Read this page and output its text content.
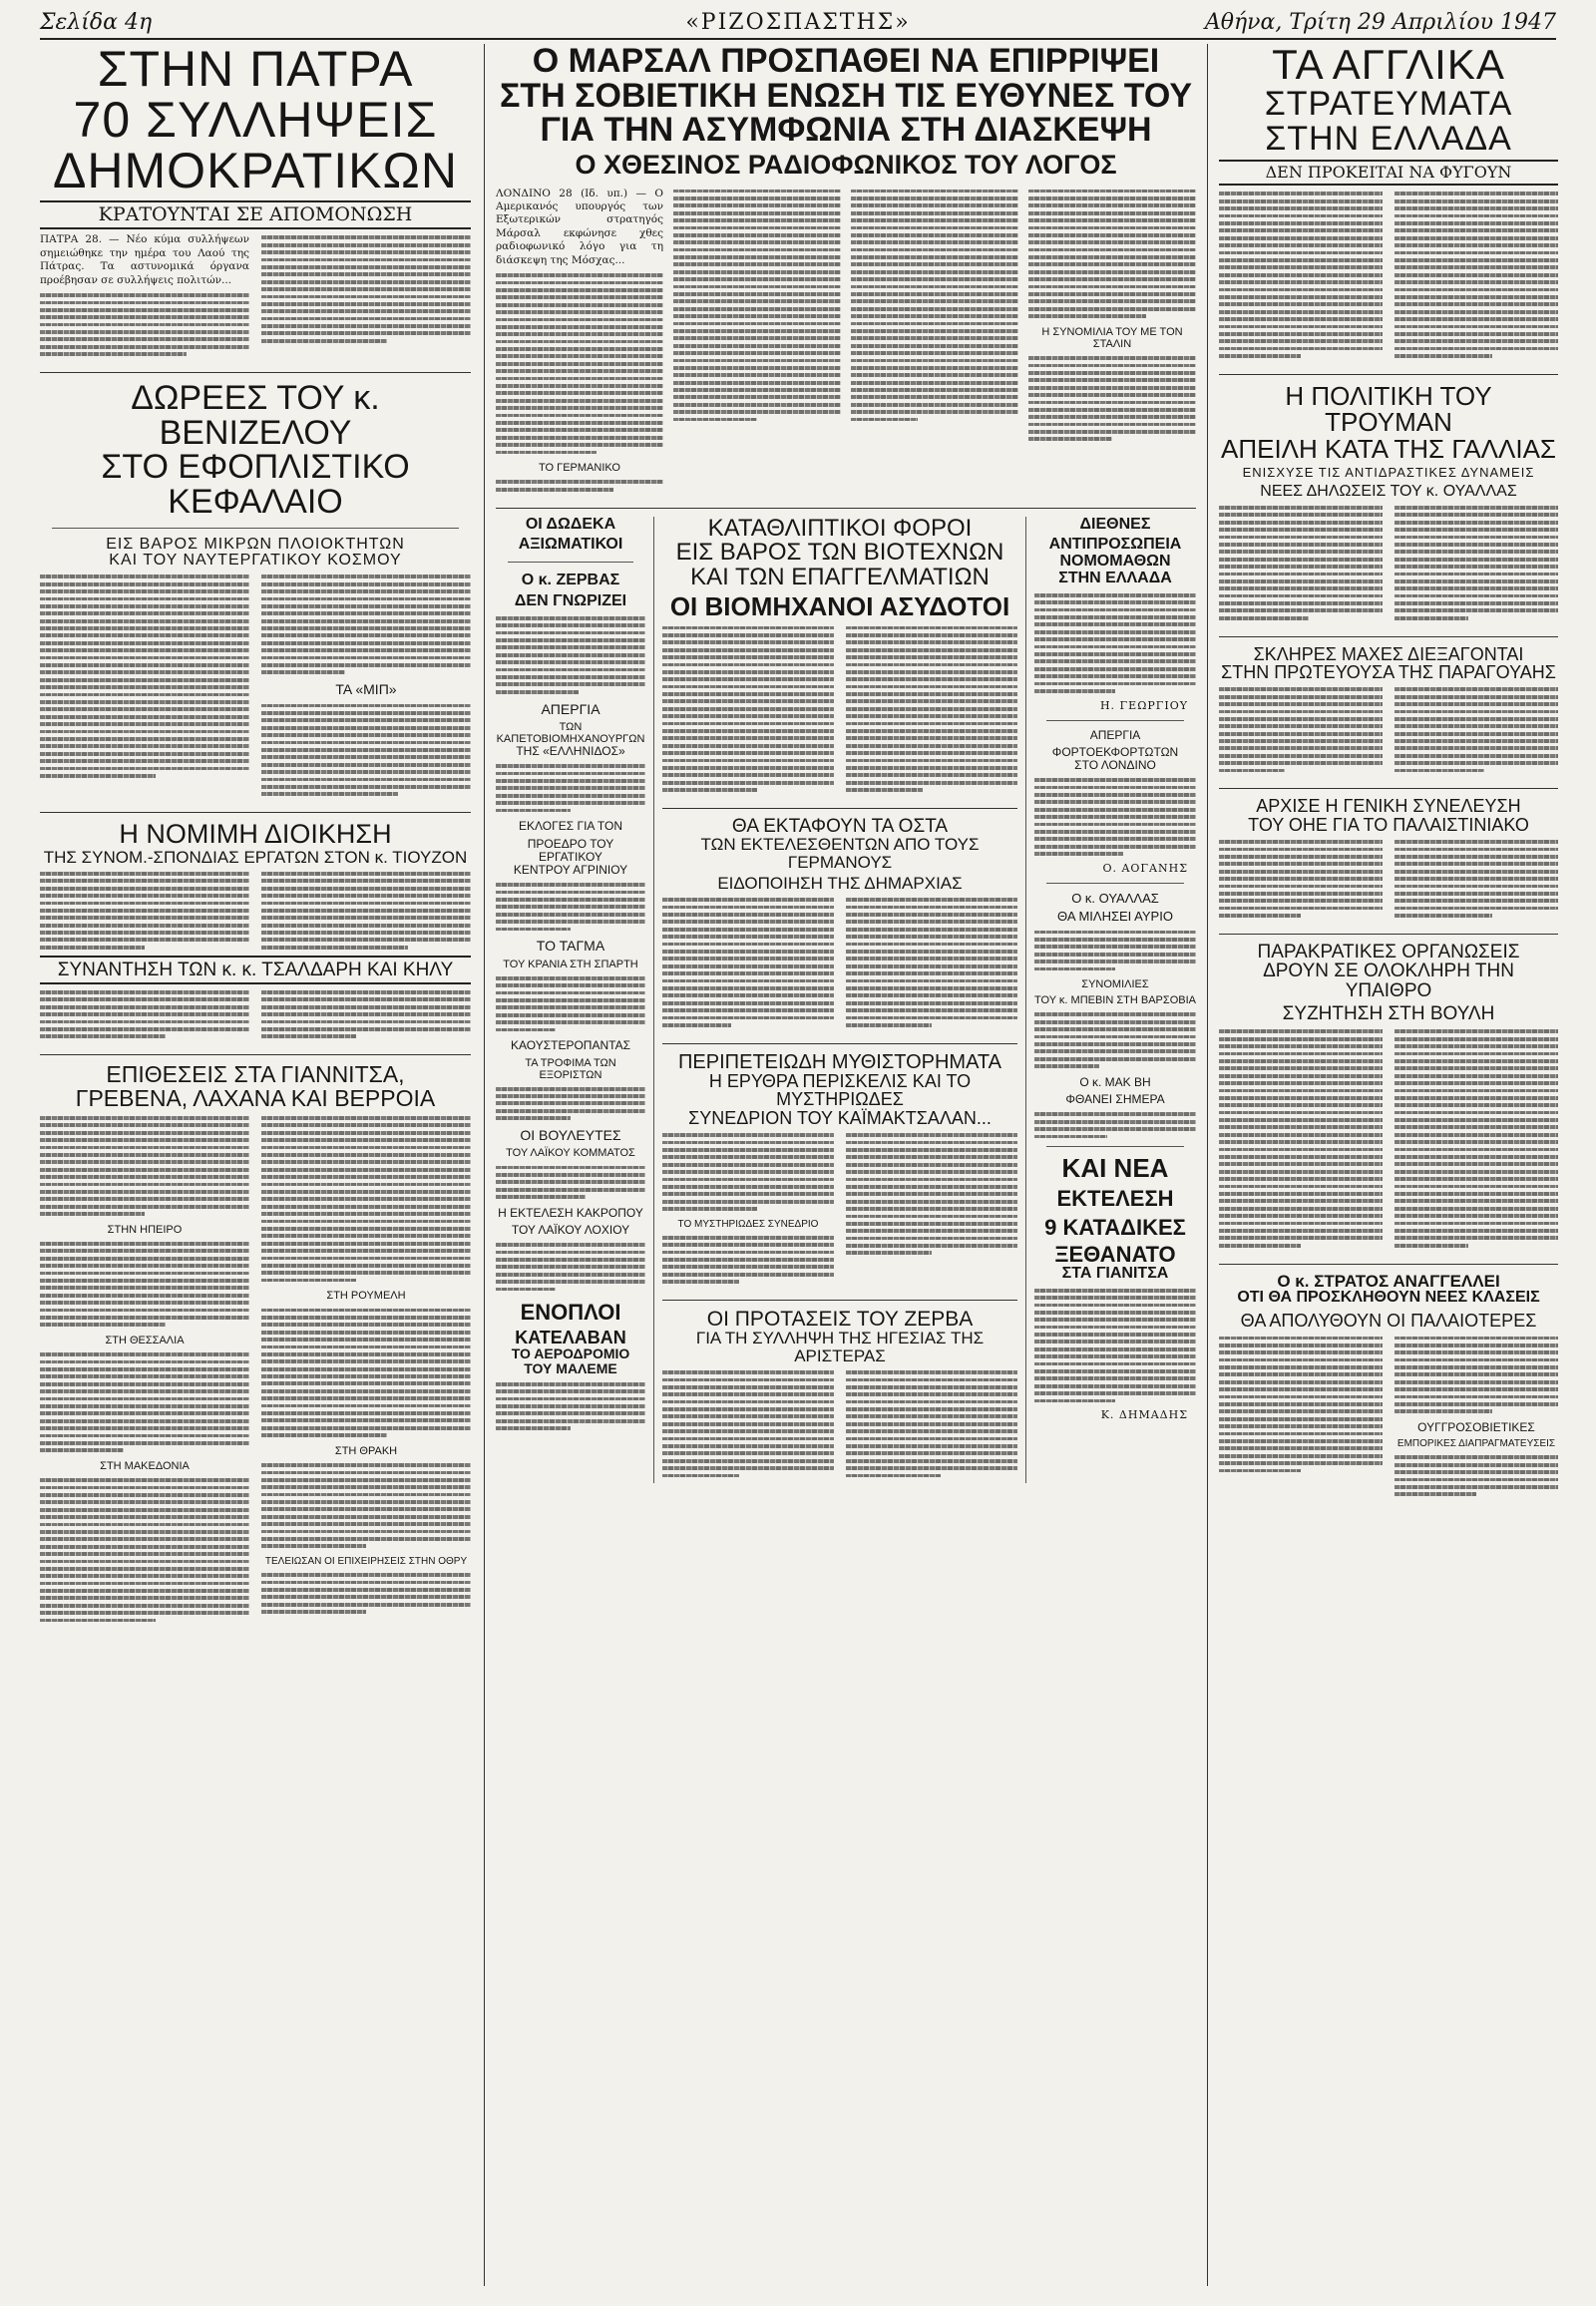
Σελίδα 4η	«ΡΙΖΟΣΠΑΣΤΗΣ»	Αθήνα, Τρίτη 29 Απριλίου 1947
ΣΤΗΝ ΠΑΤΡΑ
70 ΣΥΛΛΗΨΕΙΣ
ΔΗΜΟΚΡΑΤΙΚΩΝ
ΚΡΑΤΟΥΝΤΑΙ ΣΕ ΑΠΟΜΟΝΩΣΗ

ΠΑΤΡΑ 28. — Νέο κύμα συλλήψεων σημειώθηκε την ημέρα του Λαού της Πάτρας. Τα αστυνομικά όργανα προέβησαν σε συλλήψεις πολιτών...

ΔΩΡΕΕΣ ΤΟΥ κ. ΒΕΝΙΖΕΛΟΥ
ΣΤΟ ΕΦΟΠΛΙΣΤΙΚΟ ΚΕΦΑΛΑΙΟ
ΕΙΣ ΒΑΡΟΣ ΜΙΚΡΩΝ ΠΛΟΙΟΚΤΗΤΩΝ
ΚΑΙ ΤΟΥ ΝΑΥΤΕΡΓΑΤΙΚΟΥ ΚΟΣΜΟΥ
ΤΑ «ΜΙΠ»
Η ΝΟΜΙΜΗ ΔΙΟΙΚΗΣΗ
ΤΗΣ ΣΥΝΟΜ.-ΣΠΟΝΔΙΑΣ ΕΡΓΑΤΩΝ ΣΤΟΝ κ. ΤΙΟΥΖΟΝ
ΣΥΝΑΝΤΗΣΗ ΤΩΝ κ. κ. ΤΣΑΛΔΑΡΗ ΚΑΙ ΚΗΛΥ
ΕΠΙΘΕΣΕΙΣ ΣΤΑ ΓΙΑΝΝΙΤΣΑ,
ΓΡΕΒΕΝΑ, ΛΑΧΑΝΑ ΚΑΙ ΒΕΡΡΟΙΑ
ΣΤΗΝ ΗΠΕΙΡΟ
ΣΤΗ ΘΕΣΣΑΛΙΑ
ΣΤΗ ΜΑΚΕΔΟΝΙΑ
ΣΤΗ ΡΟΥΜΕΛΗ
ΣΤΗ ΘΡΑΚΗ
ΤΕΛΕΙΩΣΑΝ ΟΙ ΕΠΙΧΕΙΡΗΣΕΙΣ ΣΤΗΝ ΟΘΡΥ
Ο ΜΑΡΣΑΛ ΠΡΟΣΠΑΘΕΙ ΝΑ ΕΠΙΡΡΙΨΕΙ
ΣΤΗ ΣΟΒΙΕΤΙΚΗ ΕΝΩΣΗ ΤΙΣ ΕΥΘΥΝΕΣ ΤΟΥ
ΓΙΑ ΤΗΝ ΑΣΥΜΦΩΝΙΑ ΣΤΗ ΔΙΑΣΚΕΨΗ
Ο ΧΘΕΣΙΝΟΣ ΡΑΔΙΟΦΩΝΙΚΟΣ ΤΟΥ ΛΟΓΟΣ

ΛΟΝΔΙΝΟ 28 (Ιδ. υπ.) — Ο Αμερικανός υπουργός των Εξωτερικών στρατηγός Μάρσαλ εκφώνησε χθες ραδιοφωνικό λόγο για τη διάσκεψη της Μόσχας...

ΤΟ ΓΕΡΜΑΝΙΚΟ
Η ΣΥΝΟΜΙΛΙΑ ΤΟΥ ΜΕ ΤΟΝ ΣΤΑΛΙΝ
ΟΙ ΔΩΔΕΚΑ
ΑΞΙΩΜΑΤΙΚΟΙ
Ο κ. ΖΕΡΒΑΣ
ΔΕΝ ΓΝΩΡΙΖΕΙ
ΑΠΕΡΓΙΑ
ΤΩΝ ΚΑΠΕΤΟΒΙΟΜΗΧΑΝΟΥΡΓΩΝ
ΤΗΣ «ΕΛΛΗΝΙΔΟΣ»
ΕΚΛΟΓΕΣ ΓΙΑ ΤΟΝ
ΠΡΟΕΔΡΟ ΤΟΥ ΕΡΓΑΤΙΚΟΥ
ΚΕΝΤΡΟΥ ΑΓΡΙΝΙΟΥ
ΤΟ ΤΑΓΜΑ
ΤΟΥ ΚΡΑΝΙΑ ΣΤΗ ΣΠΑΡΤΗ
ΚΑΟΥΣΤΕΡΟΠΑΝΤΑΣ
ΤΑ ΤΡΟΦΙΜΑ ΤΩΝ ΕΞΟΡΙΣΤΩΝ
ΟΙ ΒΟΥΛΕΥΤΕΣ
ΤΟΥ ΛΑΪΚΟΥ ΚΟΜΜΑΤΟΣ
Η ΕΚΤΕΛΕΣΗ ΚΑΚΡΟΠΟΥ
ΤΟΥ ΛΑΪΚΟΥ ΛΟΧΙΟΥ
ΕΝΟΠΛΟΙ
ΚΑΤΕΛΑΒΑΝ
ΤΟ ΑΕΡΟΔΡΟΜΙΟ
ΤΟΥ ΜΑΛΕΜΕ
ΚΑΤΑΘΛΙΠΤΙΚΟΙ ΦΟΡΟΙ
ΕΙΣ ΒΑΡΟΣ ΤΩΝ ΒΙΟΤΕΧΝΩΝ
ΚΑΙ ΤΩΝ ΕΠΑΓΓΕΛΜΑΤΙΩΝ
ΟΙ ΒΙΟΜΗΧΑΝΟΙ ΑΣΥΔΟΤΟΙ
ΘΑ ΕΚΤΑΦΟΥΝ ΤΑ ΟΣΤΑ
ΤΩΝ ΕΚΤΕΛΕΣΘΕΝΤΩΝ ΑΠΟ ΤΟΥΣ ΓΕΡΜΑΝΟΥΣ
ΕΙΔΟΠΟΙΗΣΗ ΤΗΣ ΔΗΜΑΡΧΙΑΣ
ΠΕΡΙΠΕΤΕΙΩΔΗ ΜΥΘΙΣΤΟΡΗΜΑΤΑ
Η ΕΡΥΘΡΑ ΠΕΡΙΣΚΕΛΙΣ ΚΑΙ ΤΟ ΜΥΣΤΗΡΙΩΔΕΣ
ΣΥΝΕΔΡΙΟΝ ΤΟΥ ΚΑΪΜΑΚΤΣΑΛΑΝ...
ΤΟ ΜΥΣΤΗΡΙΩΔΕΣ ΣΥΝΕΔΡΙΟ
ΟΙ ΠΡΟΤΑΣΕΙΣ ΤΟΥ ΖΕΡΒΑ
ΓΙΑ ΤΗ ΣΥΛΛΗΨΗ ΤΗΣ ΗΓΕΣΙΑΣ ΤΗΣ ΑΡΙΣΤΕΡΑΣ
ΔΙΕΘΝΕΣ
ΑΝΤΙΠΡΟΣΩΠΕΙΑ
ΝΟΜΟΜΑΘΩΝ
ΣΤΗΝ ΕΛΛΑΔΑ
Η. ΓΕΩΡΓΙΟΥ
ΑΠΕΡΓΙΑ
ΦΟΡΤΟΕΚΦΟΡΤΩΤΩΝ
ΣΤΟ ΛΟΝΔΙΝΟ
Ο. ΑΟΓΑΝΗΣ
Ο κ. ΟΥΑΛΛΑΣ
ΘΑ ΜΙΛΗΣΕΙ ΑΥΡΙΟ
ΣΥΝΟΜΙΛΙΕΣ
ΤΟΥ κ. ΜΠΕΒΙΝ ΣΤΗ ΒΑΡΣΟΒΙΑ
Ο κ. ΜΑΚ ΒΗ
ΦΘΑΝΕΙ ΣΗΜΕΡΑ
ΚΑΙ ΝΕΑ
ΕΚΤΕΛΕΣΗ
9 ΚΑΤΑΔΙΚΕΣ
ΞΕΘΑΝΑΤΟ
ΣΤΑ ΓΙΑΝΙΤΣΑ
Κ. ΔΗΜΑΔΗΣ
ΤΑ ΑΓΓΛΙΚΑ
ΣΤΡΑΤΕΥΜΑΤΑ
ΣΤΗΝ ΕΛΛΑΔΑ
ΔΕΝ ΠΡΟΚΕΙΤΑΙ ΝΑ ΦΥΓΟΥΝ
Η ΠΟΛΙΤΙΚΗ ΤΟΥ ΤΡΟΥΜΑΝ
ΑΠΕΙΛΗ ΚΑΤΑ ΤΗΣ ΓΑΛΛΙΑΣ
ΕΝΙΣΧΥΣΕ ΤΙΣ ΑΝΤΙΔΡΑΣΤΙΚΕΣ ΔΥΝΑΜΕΙΣ
ΝΕΕΣ ΔΗΛΩΣΕΙΣ ΤΟΥ κ. ΟΥΑΛΛΑΣ
ΣΚΛΗΡΕΣ ΜΑΧΕΣ ΔΙΕΞΑΓΟΝΤΑΙ
ΣΤΗΝ ΠΡΩΤΕΥΟΥΣΑ ΤΗΣ ΠΑΡΑΓΟΥΑΗΣ
ΑΡΧΙΣΕ Η ΓΕΝΙΚΗ ΣΥΝΕΛΕΥΣΗ
ΤΟΥ ΟΗΕ ΓΙΑ ΤΟ ΠΑΛΑΙΣΤΙΝΙΑΚΟ
ΠΑΡΑΚΡΑΤΙΚΕΣ ΟΡΓΑΝΩΣΕΙΣ
ΔΡΟΥΝ ΣΕ ΟΛΟΚΛΗΡΗ ΤΗΝ ΥΠΑΙΘΡΟ
ΣΥΖΗΤΗΣΗ ΣΤΗ ΒΟΥΛΗ
Ο κ. ΣΤΡΑΤΟΣ ΑΝΑΓΓΕΛΛΕΙ
ΟΤΙ ΘΑ ΠΡΟΣΚΛΗΘΟΥΝ ΝΕΕΣ ΚΛΑΣΕΙΣ
ΘΑ ΑΠΟΛΥΘΟΥΝ ΟΙ ΠΑΛΑΙΟΤΕΡΕΣ
ΟΥΓΓΡΟΣΟΒΙΕΤΙΚΕΣ
ΕΜΠΟΡΙΚΕΣ ΔΙΑΠΡΑΓΜΑΤΕΥΣΕΙΣ
